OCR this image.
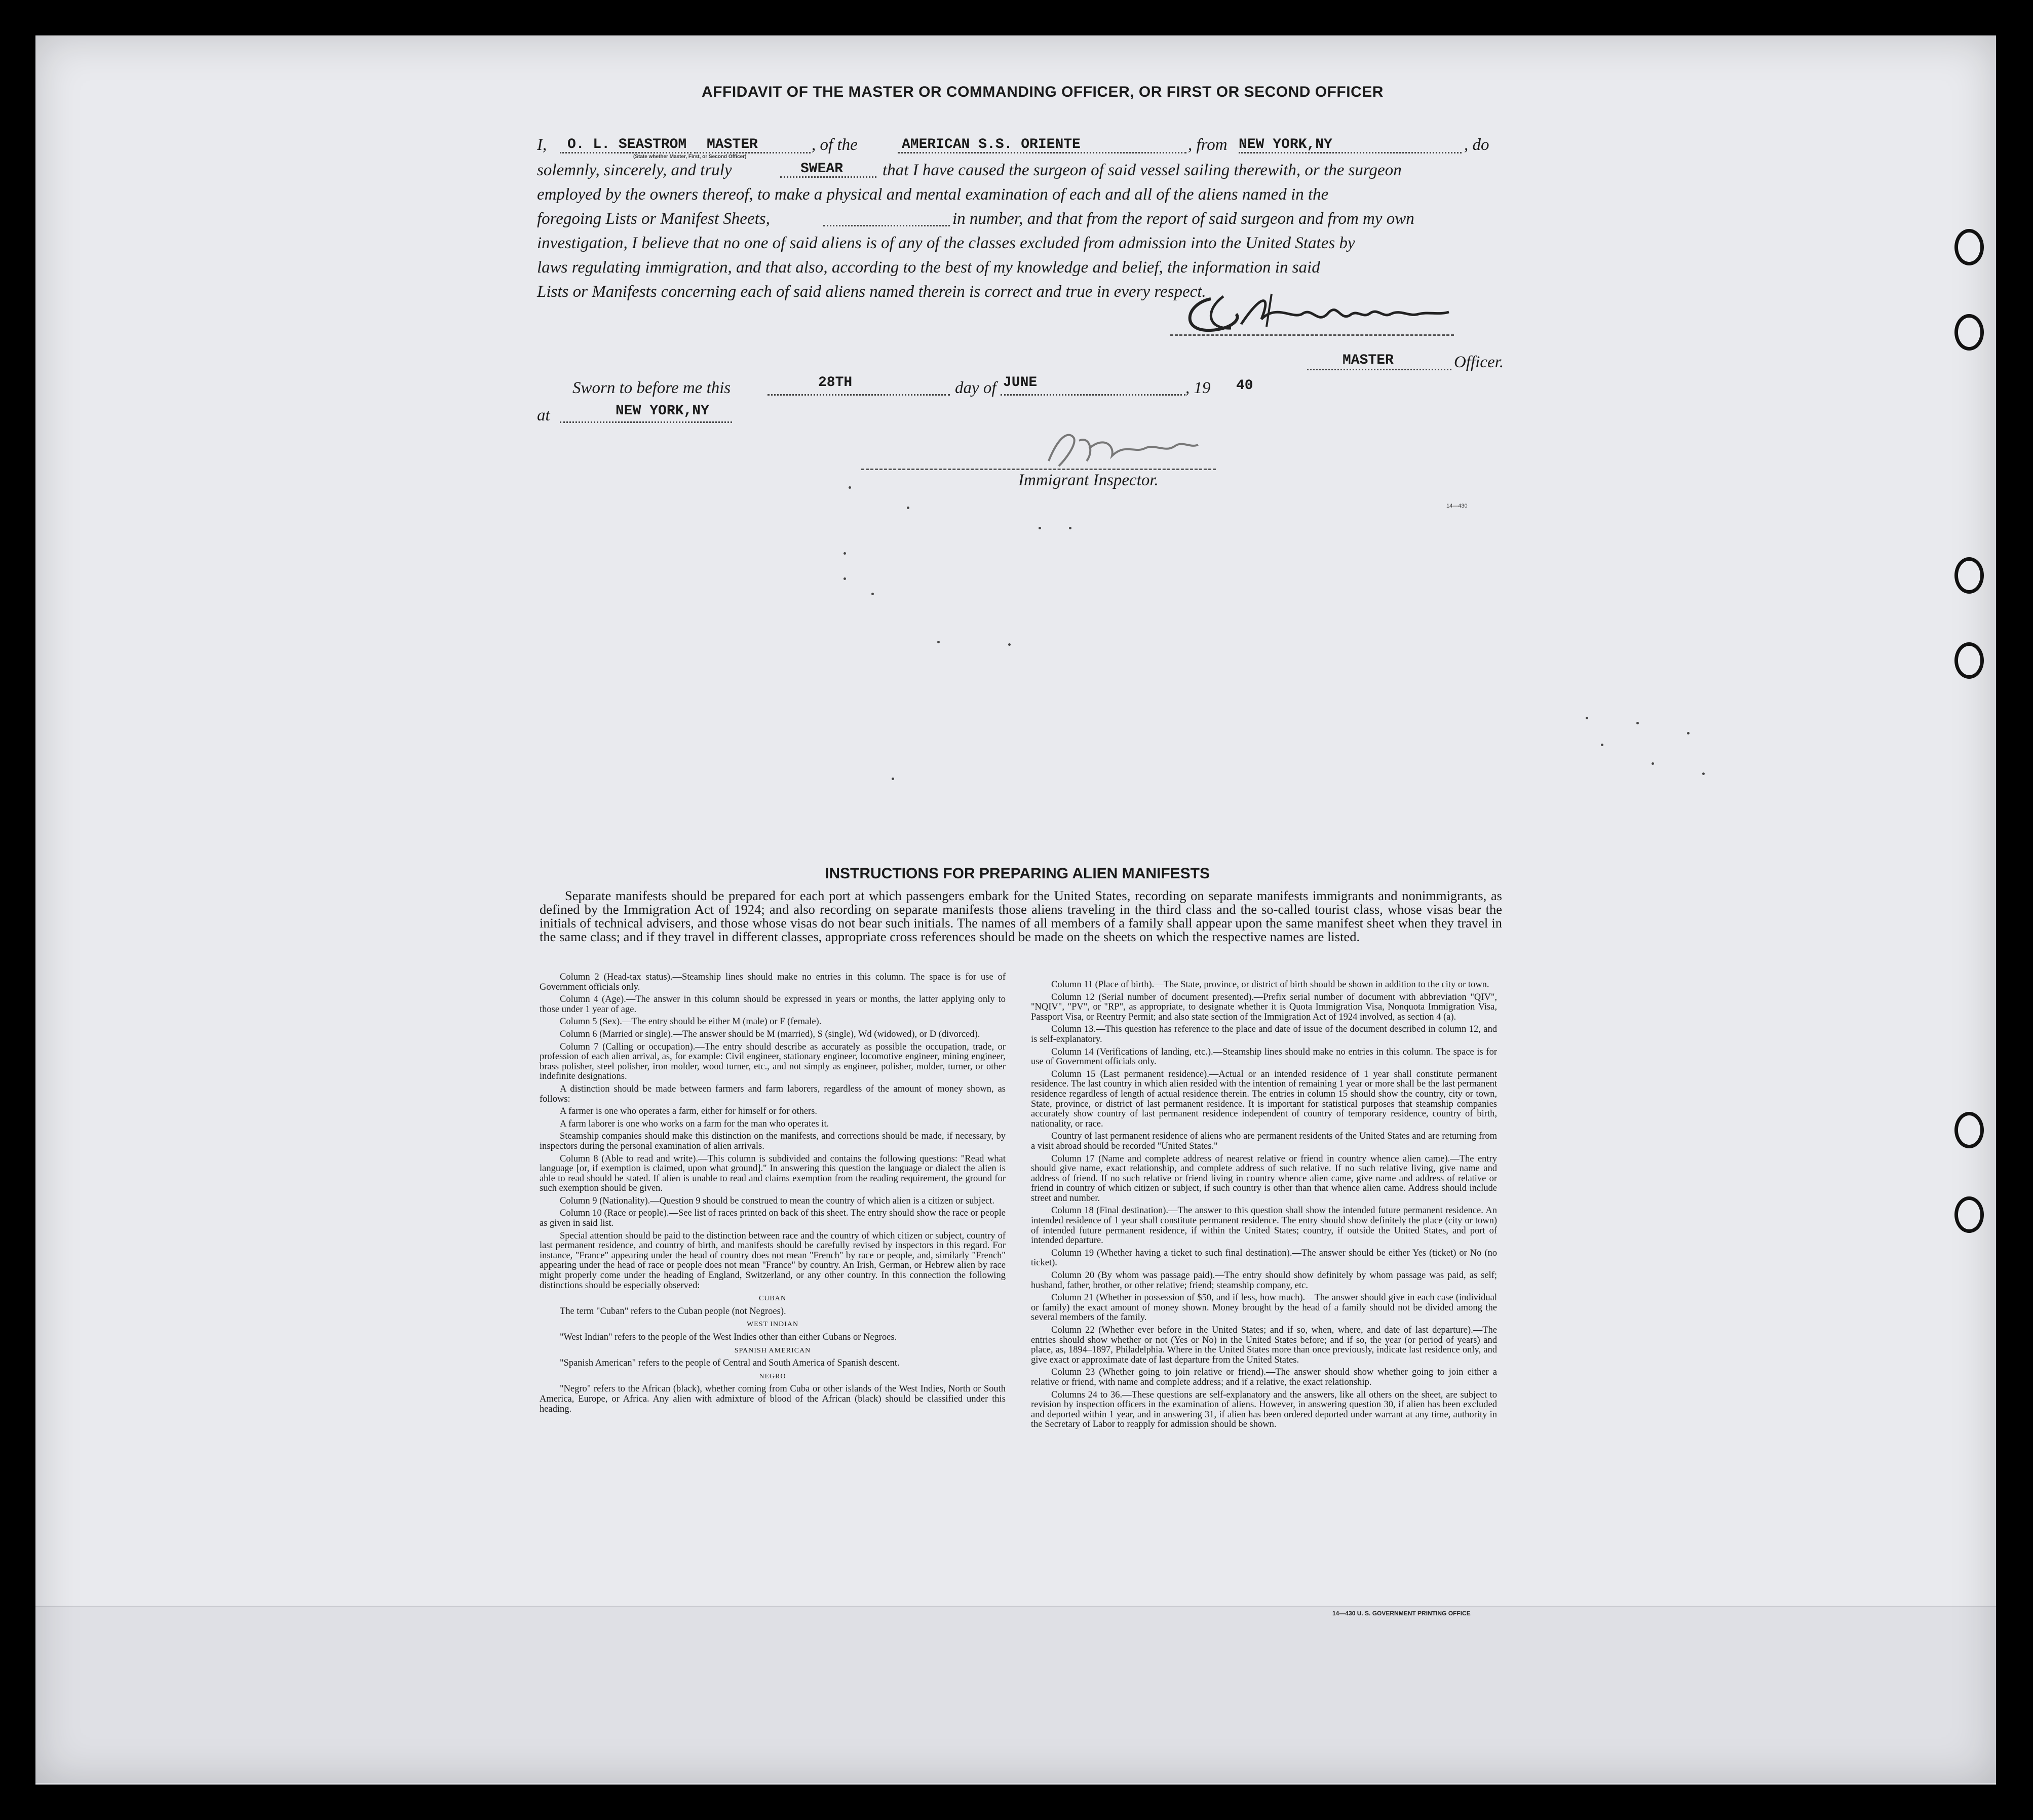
AFFIDAVIT OF THE MASTER OR COMMANDING OFFICER, OR FIRST OR SECOND OFFICER
I, O. L. SEASTROM MASTER
(State whether Master, First, or Second Officer)
, of the	AMERICAN S.S. ORIENTE	, from NEW YORK,NY	, do
solemnly, sincerely, and truly	SWEAR that I have caused the surgeon of said vessel sailing therewith, or the surgeon
employed by the owners thereof, to make a physical and mental examination of each and all of the aliens named in the
foregoing Lists or Manifest Sheets,	in number, and that from the report of said surgeon and from my own
investigation, I believe that no one of said aliens is of any of the classes excluded from admission into the United States by
laws regulating immigration, and that also, according to the best of my knowledge and belief, the information in said
Lists or Manifests concerning each of said aliens named therein is correct and true in every respect.
MASTER	Officer.
Sworn to before me this	28TH	day of JUNE	, 19 40
at	NEW YORK,NY
Immigrant Inspector.
14—430
INSTRUCTIONS FOR PREPARING ALIEN MANIFESTS
Separate manifests should be prepared for each port at which passengers embark for the United States, recording on separate manifests immigrants and nonimmigrants, as defined by the Immigration Act of 1924; and also recording on separate manifests those aliens traveling in the third class and the so-called tourist class, whose visas bear the initials of technical advisers, and those whose visas do not bear such initials. The names of all members of a family shall appear upon the same manifest sheet when they travel in the same class; and if they travel in different classes, appropriate cross references should be made on the sheets on which the respective names are listed.

Column 2 (Head-tax status).—Steamship lines should make no entries in this column. The space is for use of Government officials only.

Column 4 (Age).—The answer in this column should be expressed in years or months, the latter applying only to those under 1 year of age.

Column 5 (Sex).—The entry should be either M (male) or F (female).

Column 6 (Married or single).—The answer should be M (married), S (single), Wd (widowed), or D (divorced).

Column 7 (Calling or occupation).—The entry should describe as accurately as possible the occupation, trade, or profession of each alien arrival, as, for example: Civil engineer, stationary engineer, locomotive engineer, mining engineer, brass polisher, steel polisher, iron molder, wood turner, etc., and not simply as engineer, polisher, molder, turner, or other indefinite designations.

A distinction should be made between farmers and farm laborers, regardless of the amount of money shown, as follows:

A farmer is one who operates a farm, either for himself or for others.

A farm laborer is one who works on a farm for the man who operates it.

Steamship companies should make this distinction on the manifests, and corrections should be made, if necessary, by inspectors during the personal examination of alien arrivals.

Column 8 (Able to read and write).—This column is subdivided and contains the following questions: "Read what language [or, if exemption is claimed, upon what ground]." In answering this question the language or dialect the alien is able to read should be stated. If alien is unable to read and claims exemption from the reading requirement, the ground for such exemption should be given.

Column 9 (Nationality).—Question 9 should be construed to mean the country of which alien is a citizen or subject.

Column 10 (Race or people).—See list of races printed on back of this sheet. The entry should show the race or people as given in said list.

Special attention should be paid to the distinction between race and the country of which citizen or subject, country of last permanent residence, and country of birth, and manifests should be carefully revised by inspectors in this regard. For instance, "France" appearing under the head of country does not mean "French" by race or people, and, similarly "French" appearing under the head of race or people does not mean "France" by country. An Irish, German, or Hebrew alien by race might properly come under the heading of England, Switzerland, or any other country. In this connection the following distinctions should be especially observed:

CUBAN

The term "Cuban" refers to the Cuban people (not Negroes).

WEST INDIAN

"West Indian" refers to the people of the West Indies other than either Cubans or Negroes.

SPANISH AMERICAN

"Spanish American" refers to the people of Central and South America of Spanish descent.

NEGRO

"Negro" refers to the African (black), whether coming from Cuba or other islands of the West Indies, North or South America, Europe, or Africa. Any alien with admixture of blood of the African (black) should be classified under this heading.

Column 11 (Place of birth).—The State, province, or district of birth should be shown in addition to the city or town.

Column 12 (Serial number of document presented).—Prefix serial number of document with abbreviation "QIV", "NQIV", "PV", or "RP", as appropriate, to designate whether it is Quota Immigration Visa, Nonquota Immigration Visa, Passport Visa, or Reentry Permit; and also state section of the Immigration Act of 1924 involved, as section 4 (a).

Column 13.—This question has reference to the place and date of issue of the document described in column 12, and is self-explanatory.

Column 14 (Verifications of landing, etc.).—Steamship lines should make no entries in this column. The space is for use of Government officials only.

Column 15 (Last permanent residence).—Actual or an intended residence of 1 year shall constitute permanent residence. The last country in which alien resided with the intention of remaining 1 year or more shall be the last permanent residence regardless of length of actual residence therein. The entries in column 15 should show the country, city or town, State, province, or district of last permanent residence. It is important for statistical purposes that steamship companies accurately show country of last permanent residence independent of country of temporary residence, country of birth, nationality, or race.

Country of last permanent residence of aliens who are permanent residents of the United States and are returning from a visit abroad should be recorded "United States."

Column 17 (Name and complete address of nearest relative or friend in country whence alien came).—The entry should give name, exact relationship, and complete address of such relative. If no such relative living, give name and address of friend. If no such relative or friend living in country whence alien came, give name and address of relative or friend in country of which citizen or subject, if such country is other than that whence alien came. Address should include street and number.

Column 18 (Final destination).—The answer to this question shall show the intended future permanent residence. An intended residence of 1 year shall constitute permanent residence. The entry should show definitely the place (city or town) of intended future permanent residence, if within the United States; country, if outside the United States, and port of intended departure.

Column 19 (Whether having a ticket to such final destination).—The answer should be either Yes (ticket) or No (no ticket).

Column 20 (By whom was passage paid).—The entry should show definitely by whom passage was paid, as self; husband, father, brother, or other relative; friend; steamship company, etc.

Column 21 (Whether in possession of $50, and if less, how much).—The answer should give in each case (individual or family) the exact amount of money shown. Money brought by the head of a family should not be divided among the several members of the family.

Column 22 (Whether ever before in the United States; and if so, when, where, and date of last departure).—The entries should show whether or not (Yes or No) in the United States before; and if so, the year (or period of years) and place, as, 1894–1897, Philadelphia. Where in the United States more than once previously, indicate last residence only, and give exact or approximate date of last departure from the United States.

Column 23 (Whether going to join relative or friend).—The answer should show whether going to join either a relative or friend, with name and complete address; and if a relative, the exact relationship.

Columns 24 to 36.—These questions are self-explanatory and the answers, like all others on the sheet, are subject to revision by inspection officers in the examination of aliens. However, in answering question 30, if alien has been excluded and deported within 1 year, and in answering 31, if alien has been ordered deported under warrant at any time, authority in the Secretary of Labor to reapply for admission should be shown.

14—430 U. S. GOVERNMENT PRINTING OFFICE
